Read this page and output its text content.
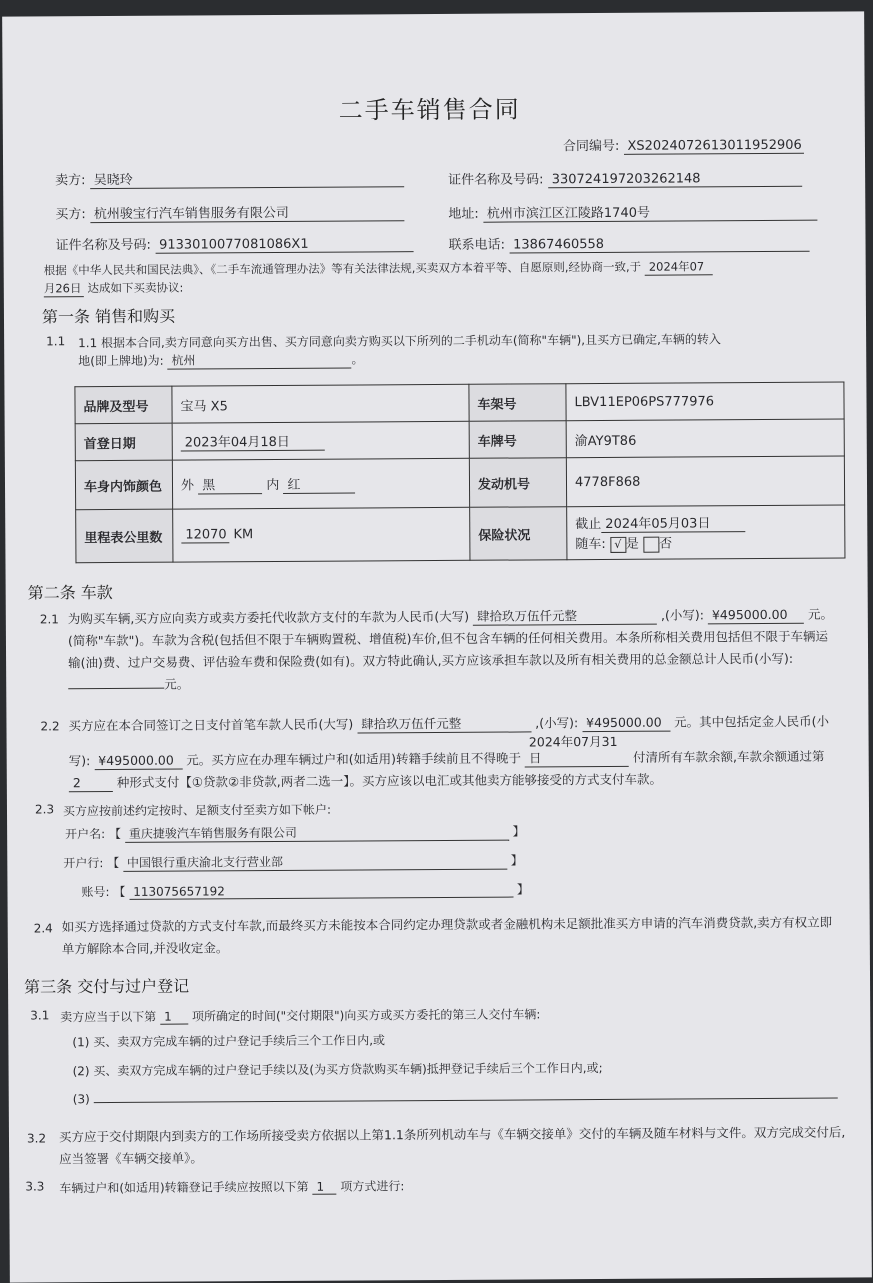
二手车销售合同
合同编号: XS2024072613011952906
卖方: 吴晓玲	证件名称及号码: 330724197203262148
买方: 杭州骏宝行汽车销售服务有限公司	地址: 杭州市滨江区江陵路1740号
证件名称及号码: 9133010077081086X1	联系电话: 13867460558
根据《中华人民共和国民法典》、《二手车流通管理办法》等有关法律法规,买卖双方本着平等、自愿原则,经协商一致,于 2024年07
月26日 达成如下买卖协议:
第一条 销售和购买
1.1 1.1 根据本合同,卖方同意向买方出售、买方同意向卖方购买以下所列的二手机动车(简称"车辆"),且买方已确定,车辆的转入
地(即上牌地)为: 杭州	。
品牌及型号	宝马 X5	车架号	LBV11EP06PS777976
首登日期	2023年04月18日	车牌号	渝AY9T86
车身内饰颜色	外 黑 内 红	发动机号	4778F868
里程表公里数	12070 KM	保险状况	截止 2024年05月03日
随车: √ 是 否
第二条 车款
2.1 为购买车辆,买方应向卖方或卖方委托代收款方支付的车款为人民币(大写) 肆拾玖万伍仟元整	,(小写): ¥495000.00 元。(简称"车款")。车款为含税(包括但不限于车辆购置税、增值税)车价,但不包含车辆的任何相关费用。本条所称相关费用包括但不限于车辆运输(油)费、过户交易费、评估验车费和保险费(如有)。双方特此确认,买方应该承担车款以及所有相关费用的总金额总计人民币(小写): 元。
2.2 买方应在本合同签订之日支付首笔车款人民币(大写) 肆拾玖万伍仟元整	,(小写): ¥495000.00 元。其中包括定金人民币(小写): ¥495000.00 元。买方应在办理车辆过户和(如适用)转籍手续前且不得晚于 2024年07月31日	付清所有车款余额,车款余额通过第 2	种形式支付【①贷款②非贷款,两者二选一】。买方应该以电汇或其他卖方能够接受的方式支付车款。
2.3 买方应按前述约定按时、足额支付至卖方如下帐户:
开户名: 【 重庆捷骏汽车销售服务有限公司	】
开户行: 【 中国银行重庆渝北支行营业部	】
账号: 【 113075657192	】
2.4 如买方选择通过贷款的方式支付车款,而最终买方未能按本合同约定办理贷款或者金融机构未足额批准买方申请的汽车消费贷款,卖方有权立即单方解除本合同,并没收定金。
第三条 交付与过户登记
3.1 卖方应当于以下第 1 项所确定的时间("交付期限")向买方或买方委托的第三人交付车辆:
(1) 买、卖双方完成车辆的过户登记手续后三个工作日内,或
(2) 买、卖双方完成车辆的过户登记手续以及(为买方贷款购买车辆)抵押登记手续后三个工作日内,或;
(3)
3.2 买方应于交付期限内到卖方的工作场所接受卖方依据以上第1.1条所列机动车与《车辆交接单》交付的车辆及随车材料与文件。双方完成交付后,应当签署《车辆交接单》。
3.3 车辆过户和(如适用)转籍登记手续应按照以下第 1 项方式进行:
